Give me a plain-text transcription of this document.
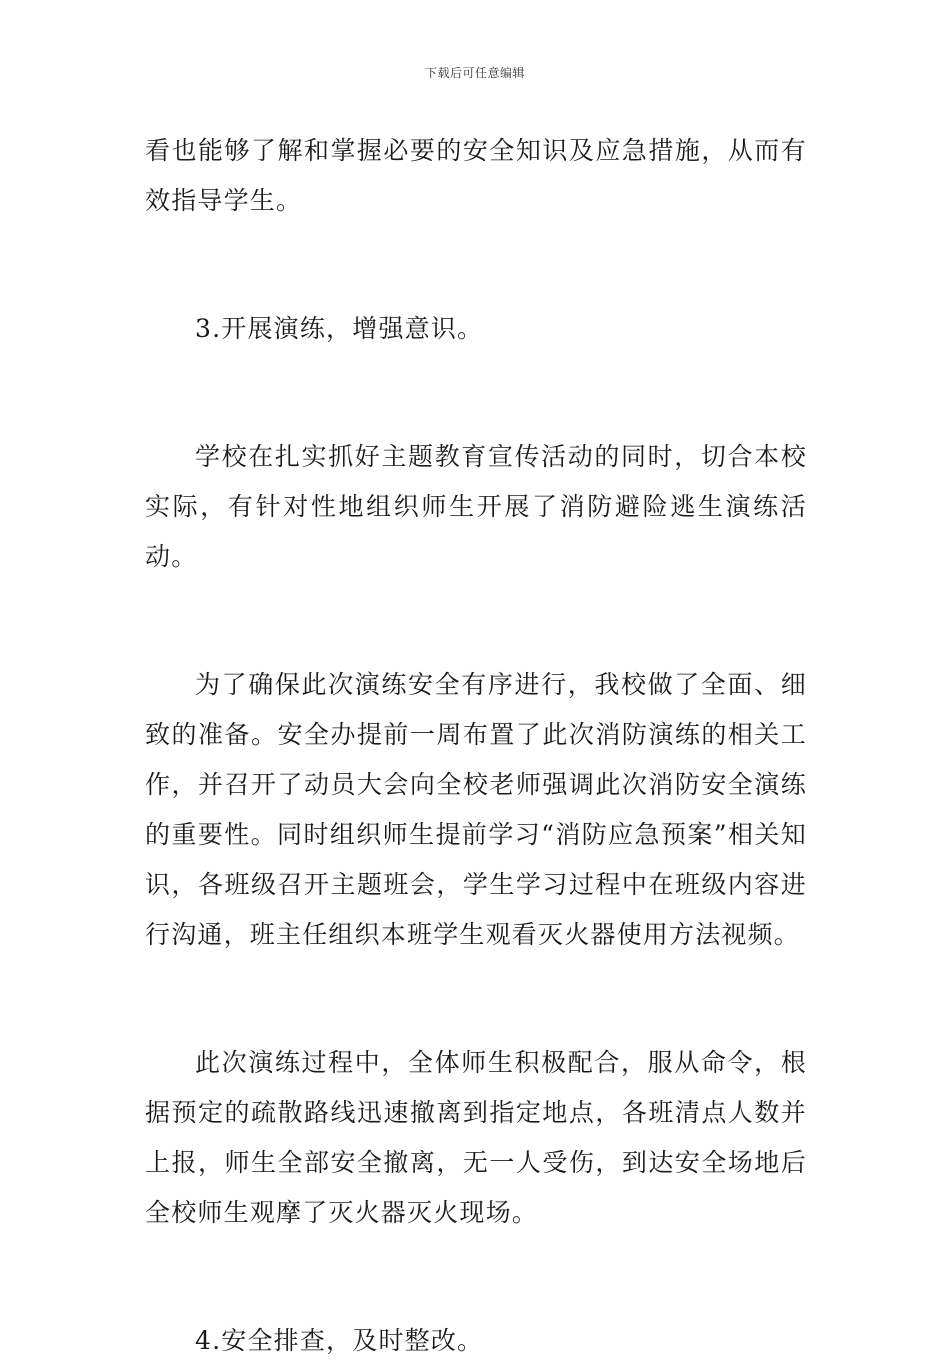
下载后可任意编辑

看也能够了解和掌握必要的安全知识及应急措施，从而有效指导学生。

3.开展演练，增强意识。

学校在扎实抓好主题教育宣传活动的同时，切合本校实际，有针对性地组织师生开展了消防避险逃生演练活动。

为了确保此次演练安全有序进行，我校做了全面、细致的准备。安全办提前一周布置了此次消防演练的相关工作，并召开了动员大会向全校老师强调此次消防安全演练的重要性。同时组织师生提前学习“消防应急预案”相关知识，各班级召开主题班会，学生学习过程中在班级内容进行沟通，班主任组织本班学生观看灭火器使用方法视频。

此次演练过程中，全体师生积极配合，服从命令，根据预定的疏散路线迅速撤离到指定地点，各班清点人数并上报，师生全部安全撤离，无一人受伤，到达安全场地后全校师生观摩了灭火器灭火现场。

4.安全排查，及时整改。
